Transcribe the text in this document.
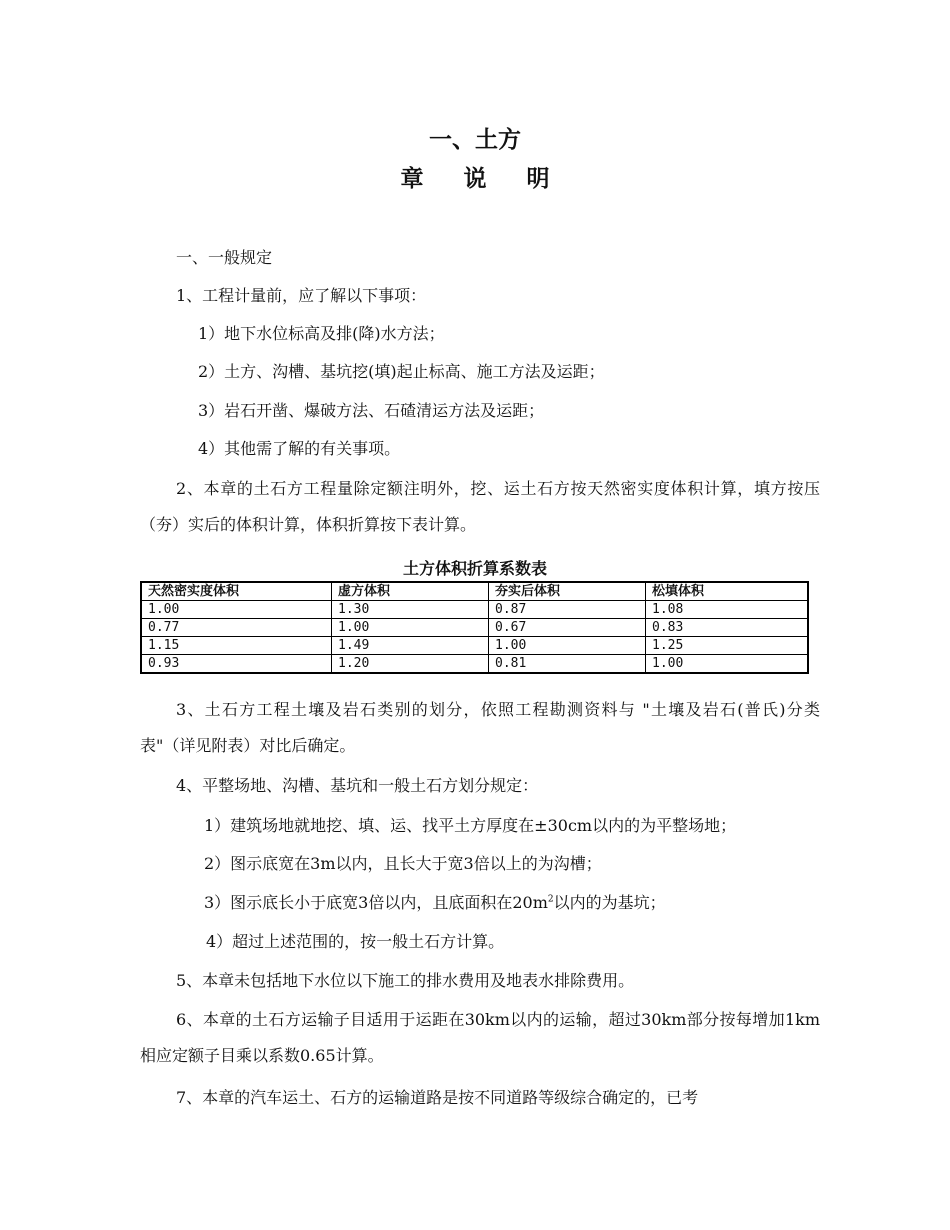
一、土方
章说明
一、一般规定
1、工程计量前，应了解以下事项：
1）地下水位标高及排(降)水方法；
2）土方、沟槽、基坑挖(填)起止标高、施工方法及运距；
3）岩石开凿、爆破方法、石碴清运方法及运距；
4）其他需了解的有关事项。
2、本章的土石方工程量除定额注明外，挖、运土石方按天然密实度体积计算，填方按压（夯）实后的体积计算，体积折算按下表计算。
土方体积折算系数表
天然密实度体积	虚方体积	夯实后体积	松填体积
1.00	1.30	0.87	1.08
0.77	1.00	0.67	0.83
1.15	1.49	1.00	1.25
0.93	1.20	0.81	1.00
3、土石方工程土壤及岩石类别的划分，依照工程勘测资料与 "土壤及岩石(普氏)分类表"（详见附表）对比后确定。
4、平整场地、沟槽、基坑和一般土石方划分规定：
1）建筑场地就地挖、填、运、找平土方厚度在±30cm以内的为平整场地；
2）图示底宽在3m以内，且长大于宽3倍以上的为沟槽；
3）图示底长小于底宽3倍以内，且底面积在$20m^2$以内的为基坑；
4）超过上述范围的，按一般土石方计算。
5、本章未包括地下水位以下施工的排水费用及地表水排除费用。
6、本章的土石方运输子目适用于运距在30km以内的运输，超过30km部分按每增加1km相应定额子目乘以系数0.65计算。
7、本章的汽车运土、石方的运输道路是按不同道路等级综合确定的，已考
